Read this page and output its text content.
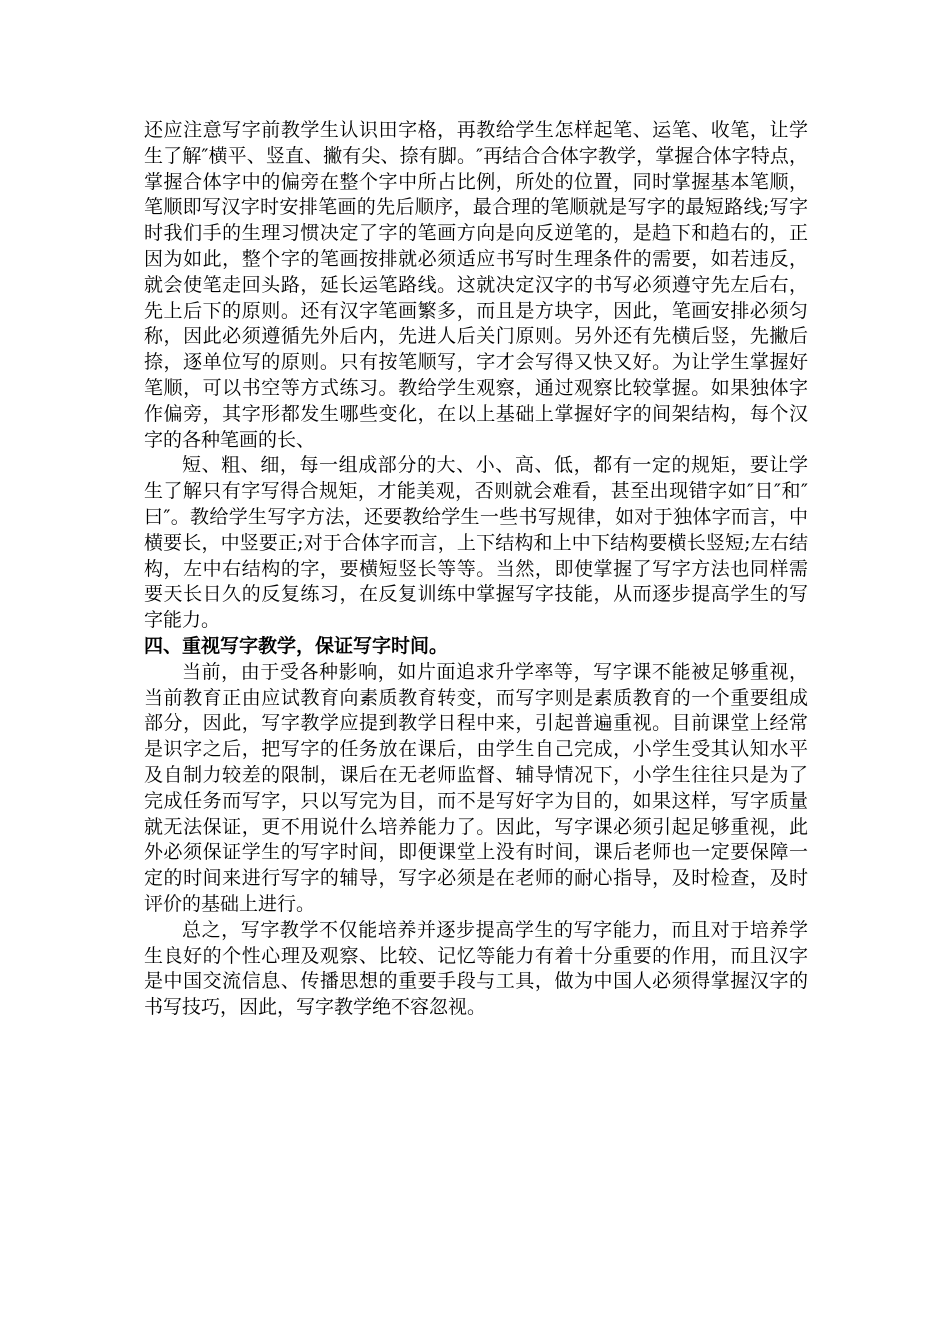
还应注意写字前教学生认识田字格，再教给学生怎样起笔、运笔、收笔，让学生了解″横平、竖直、撇有尖、捺有脚。″再结合合体字教学，掌握合体字特点，掌握合体字中的偏旁在整个字中所占比例，所处的位置，同时掌握基本笔顺，笔顺即写汉字时安排笔画的先后顺序，最合理的笔顺就是写字的最短路线;写字时我们手的生理习惯决定了字的笔画方向是向反逆笔的，是趋下和趋右的，正因为如此，整个字的笔画按排就必须适应书写时生理条件的需要，如若违反，就会使笔走回头路，延长运笔路线。这就决定汉字的书写必须遵守先左后右，先上后下的原则。还有汉字笔画繁多，而且是方块字，因此，笔画安排必须匀称，因此必须遵循先外后内，先进人后关门原则。另外还有先横后竖，先撇后捺，逐单位写的原则。只有按笔顺写，字才会写得又快又好。为让学生掌握好笔顺，可以书空等方式练习。教给学生观察，通过观察比较掌握。如果独体字作偏旁，其字形都发生哪些变化，在以上基础上掌握好字的间架结构，每个汉字的各种笔画的长、

短、粗、细，每一组成部分的大、小、高、低，都有一定的规矩，要让学生了解只有字写得合规矩，才能美观，否则就会难看，甚至出现错字如″日″和″曰″。教给学生写字方法，还要教给学生一些书写规律，如对于独体字而言，中横要长，中竖要正;对于合体字而言，上下结构和上中下结构要横长竖短;左右结构，左中右结构的字，要横短竖长等等。当然，即使掌握了写字方法也同样需要天长日久的反复练习，在反复训练中掌握写字技能，从而逐步提高学生的写字能力。

四、重视写字教学，保证写字时间。

当前，由于受各种影响，如片面追求升学率等，写字课不能被足够重视，当前教育正由应试教育向素质教育转变，而写字则是素质教育的一个重要组成部分，因此，写字教学应提到教学日程中来，引起普遍重视。目前课堂上经常是识字之后，把写字的任务放在课后，由学生自己完成，小学生受其认知水平及自制力较差的限制，课后在无老师监督、辅导情况下，小学生往往只是为了完成任务而写字，只以写完为目，而不是写好字为目的，如果这样，写字质量就无法保证，更不用说什么培养能力了。因此，写字课必须引起足够重视，此外必须保证学生的写字时间，即便课堂上没有时间，课后老师也一定要保障一定的时间来进行写字的辅导，写字必须是在老师的耐心指导，及时检查，及时评价的基础上进行。

总之，写字教学不仅能培养并逐步提高学生的写字能力，而且对于培养学生良好的个性心理及观察、比较、记忆等能力有着十分重要的作用，而且汉字是中国交流信息、传播思想的重要手段与工具，做为中国人必须得掌握汉字的书写技巧，因此，写字教学绝不容忽视。
